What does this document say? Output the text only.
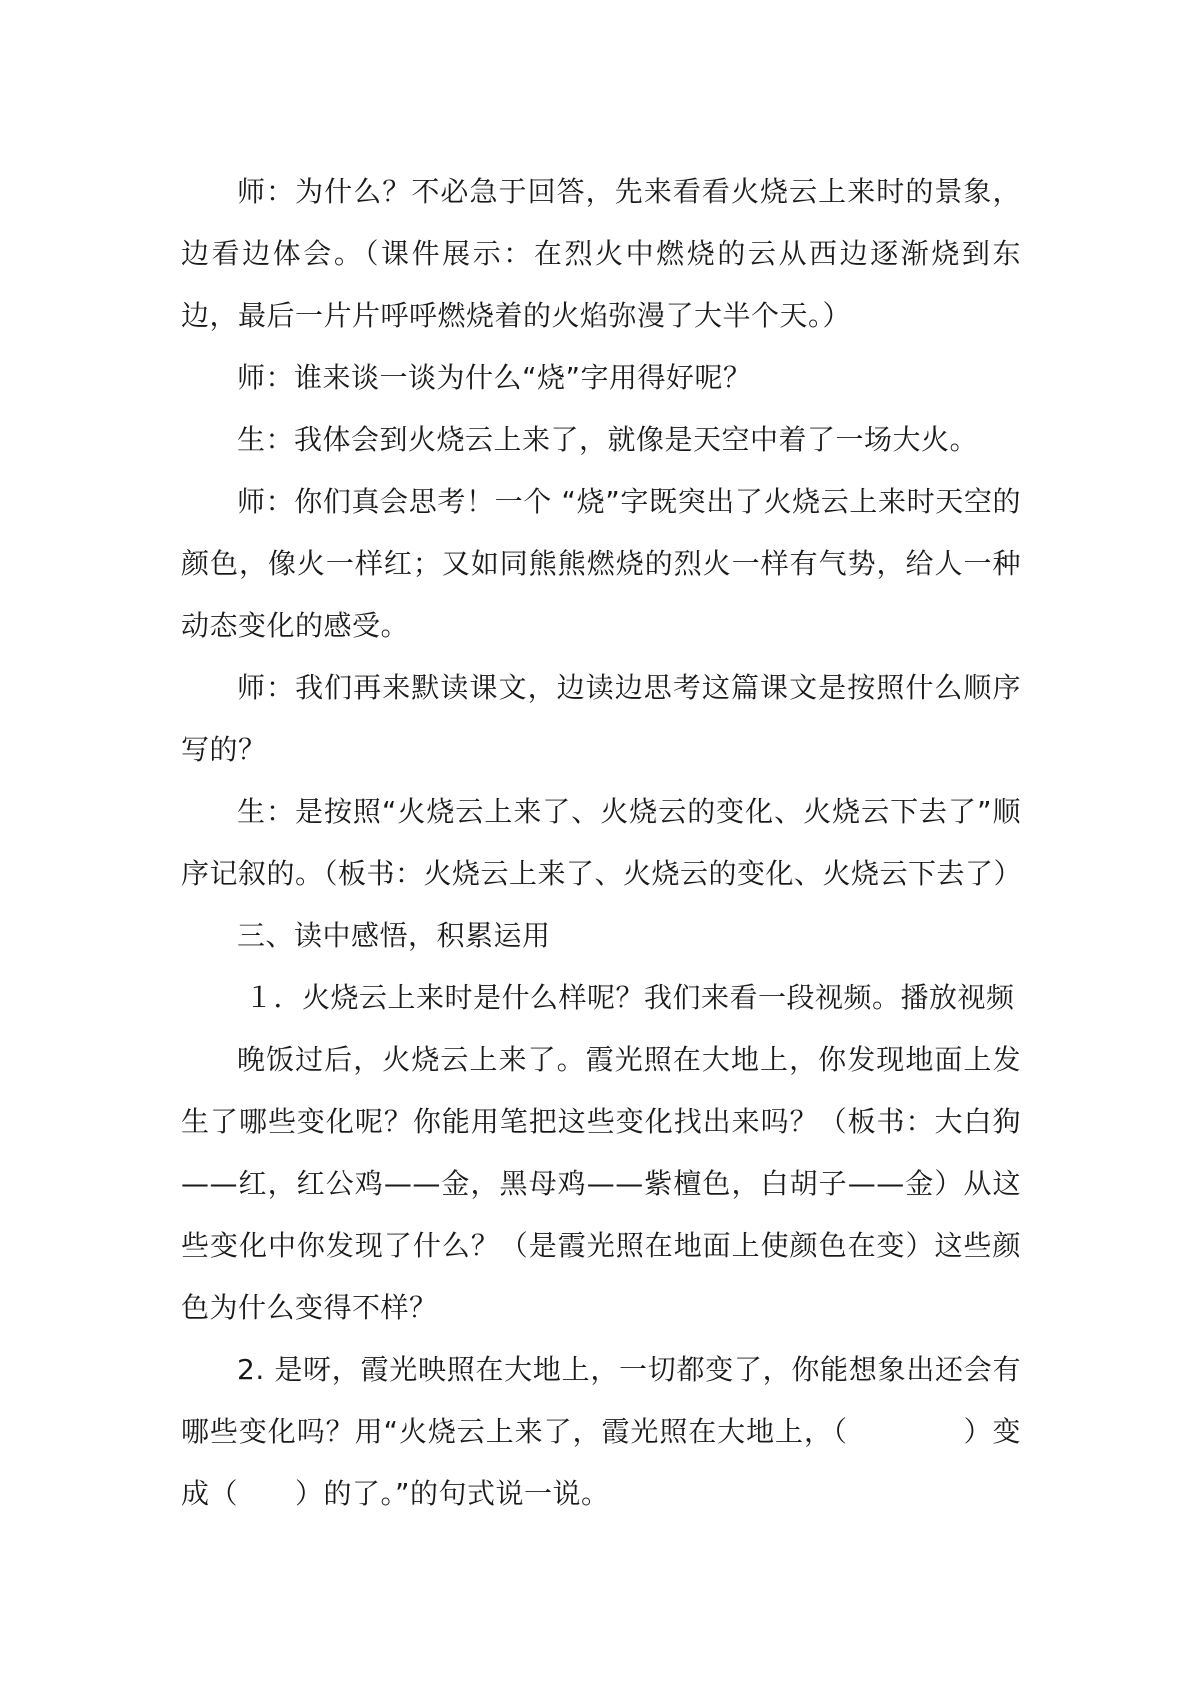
师：为什么？不必急于回答，先来看看火烧云上来时的景象，边看边体会。（课件展示：在烈火中燃烧的云从西边逐渐烧到东边，最后一片片呼呼燃烧着的火焰弥漫了大半个天。）

师：谁来谈一谈为什么“烧”字用得好呢？

生：我体会到火烧云上来了，就像是天空中着了一场大火。

师：你们真会思考！一个 “烧”字既突出了火烧云上来时天空的颜色，像火一样红；又如同熊熊燃烧的烈火一样有气势，给人一种动态变化的感受。

师：我们再来默读课文，边读边思考这篇课文是按照什么顺序写的？

生：是按照“火烧云上来了、火烧云的变化、火烧云下去了”顺序记叙的。（板书：火烧云上来了、火烧云的变化、火烧云下去了）

三、读中感悟，积累运用

１．火烧云上来时是什么样呢？我们来看一段视频。播放视频

晚饭过后，火烧云上来了。霞光照在大地上，你发现地面上发生了哪些变化呢？你能用笔把这些变化找出来吗？（板书：大白狗——红，红公鸡——金，黑母鸡——紫檀色，白胡子——金）从这些变化中你发现了什么？（是霞光照在地面上使颜色在变）这些颜色为什么变得不样？

2. 是呀，霞光映照在大地上，一切都变了，你能想象出还会有哪些变化吗？用“火烧云上来了，霞光照在大地上，（　　　　）变成（　　）的了。”的句式说一说。
